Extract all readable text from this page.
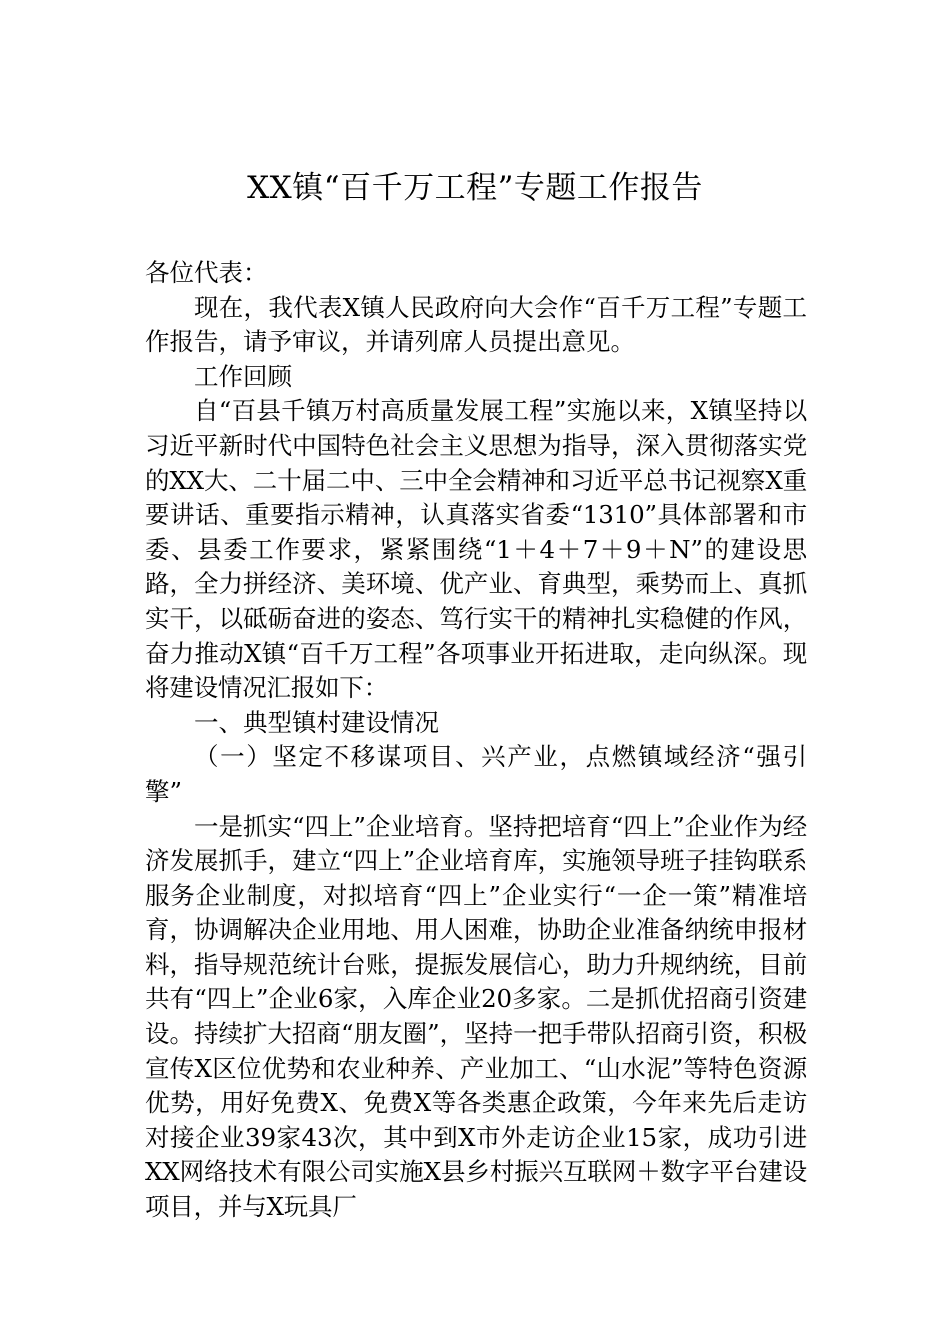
XX镇“百千万工程”专题工作报告

各位代表：

现在，我代表X镇人民政府向大会作“百千万工程”专题工作报告，请予审议，并请列席人员提出意见。

工作回顾

自“百县千镇万村高质量发展工程”实施以来，X镇坚持以习近平新时代中国特色社会主义思想为指导，深入贯彻落实党的XX大、二十届二中、三中全会精神和习近平总书记视察X重要讲话、重要指示精神，认真落实省委“1310”具体部署和市委、县委工作要求，紧紧围绕“1＋4＋7＋9＋N”的建设思路，全力拼经济、美环境、优产业、育典型，乘势而上、真抓实干，以砥砺奋进的姿态、笃行实干的精神扎实稳健的作风，奋力推动X镇“百千万工程”各项事业开拓进取，走向纵深。现将建设情况汇报如下：

一、典型镇村建设情况

（一）坚定不移谋项目、兴产业，点燃镇域经济“强引擎”

一是抓实“四上”企业培育。坚持把培育“四上”企业作为经济发展抓手，建立“四上”企业培育库，实施领导班子挂钩联系服务企业制度，对拟培育“四上”企业实行“一企一策”精准培育，协调解决企业用地、用人困难，协助企业准备纳统申报材料，指导规范统计台账，提振发展信心，助力升规纳统，目前共有“四上”企业6家，入库企业20多家。二是抓优招商引资建设。持续扩大招商“朋友圈”，坚持一把手带队招商引资，积极宣传X区位优势和农业种养、产业加工、“山水泥”等特色资源优势，用好免费X、免费X等各类惠企政策，今年来先后走访对接企业39家43次，其中到X市外走访企业15家，成功引进XX网络技术有限公司实施X县乡村振兴互联网＋数字平台建设项目，并与X玩具厂
